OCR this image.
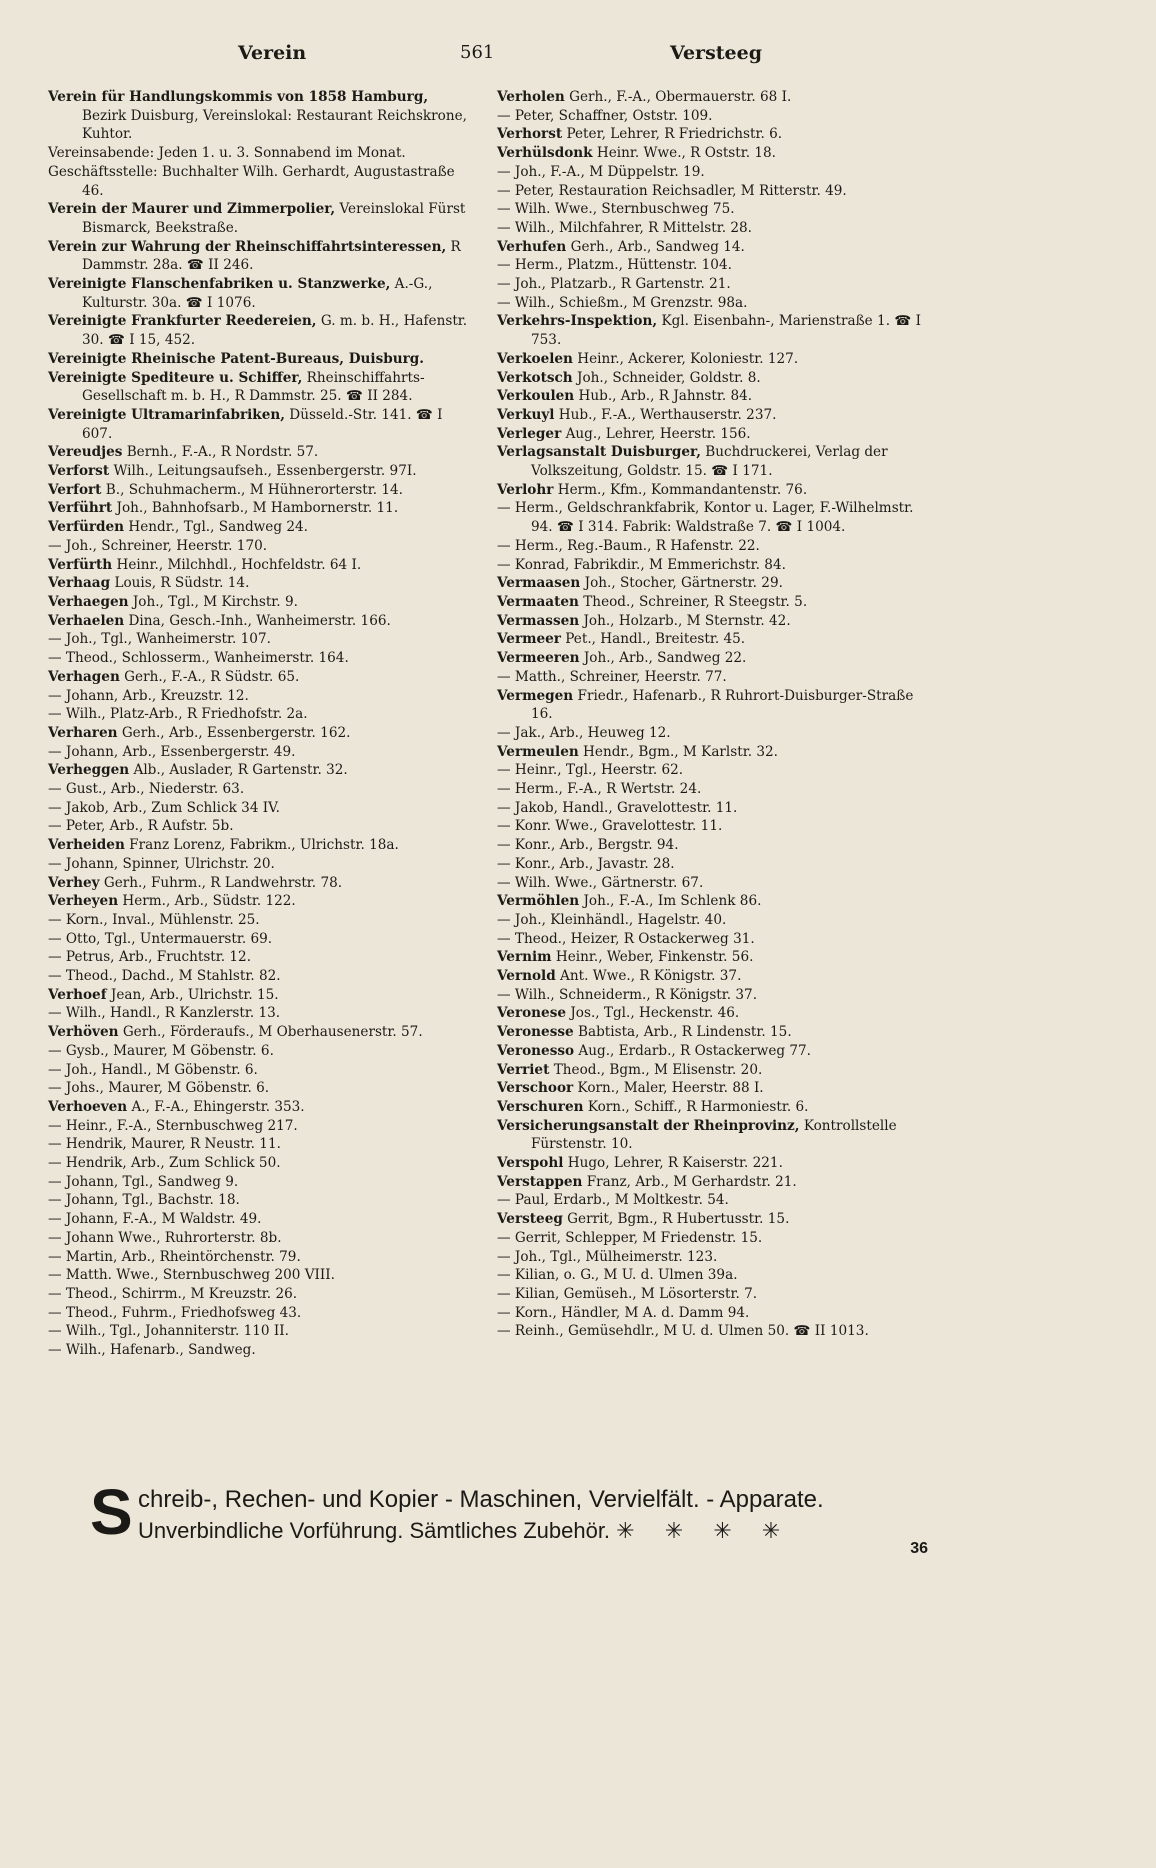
Verein	561	Versteeg

Verein für Handlungskommis von 1858 Hamburg, Bezirk Duisburg, Vereinslokal: Restaurant Reichskrone, Kuhtor.

Vereinsabende: Jeden 1. u. 3. Sonnabend im Monat.

Geschäftsstelle: Buchhalter Wilh. Gerhardt, Augustastraße 46.

Verein der Maurer und Zimmerpolier, Vereinslokal Fürst Bismarck, Beekstraße.

Verein zur Wahrung der Rheinschiffahrtsinteressen, R Dammstr. 28a. ☎ II 246.

Vereinigte Flanschenfabriken u. Stanzwerke, A.-G., Kulturstr. 30a. ☎ I 1076.

Vereinigte Frankfurter Reedereien, G. m. b. H., Hafenstr. 30. ☎ I 15, 452.

Vereinigte Rheinische Patent-Bureaus, Duisburg.

Vereinigte Spediteure u. Schiffer, Rheinschiffahrts-Gesellschaft m. b. H., R Dammstr. 25. ☎ II 284.

Vereinigte Ultramarinfabriken, Düsseld.-Str. 141. ☎ I 607.

Vereudjes Bernh., F.-A., R Nordstr. 57.

Verforst Wilh., Leitungsaufseh., Essenbergerstr. 97I.

Verfort B., Schuhmacherm., M Hühnerorterstr. 14.

Verführt Joh., Bahnhofsarb., M Hambornerstr. 11.

Verfürden Hendr., Tgl., Sandweg 24.

— Joh., Schreiner, Heerstr. 170.

Verfürth Heinr., Milchhdl., Hochfeldstr. 64 I.

Verhaag Louis, R Südstr. 14.

Verhaegen Joh., Tgl., M Kirchstr. 9.

Verhaelen Dina, Gesch.-Inh., Wanheimerstr. 166.

— Joh., Tgl., Wanheimerstr. 107.

— Theod., Schlosserm., Wanheimerstr. 164.

Verhagen Gerh., F.-A., R Südstr. 65.

— Johann, Arb., Kreuzstr. 12.

— Wilh., Platz-Arb., R Friedhofstr. 2a.

Verharen Gerh., Arb., Essenbergerstr. 162.

— Johann, Arb., Essenbergerstr. 49.

Verheggen Alb., Auslader, R Gartenstr. 32.

— Gust., Arb., Niederstr. 63.

— Jakob, Arb., Zum Schlick 34 IV.

— Peter, Arb., R Aufstr. 5b.

Verheiden Franz Lorenz, Fabrikm., Ulrichstr. 18a.

— Johann, Spinner, Ulrichstr. 20.

Verhey Gerh., Fuhrm., R Landwehrstr. 78.

Verheyen Herm., Arb., Südstr. 122.

— Korn., Inval., Mühlenstr. 25.

— Otto, Tgl., Untermauerstr. 69.

— Petrus, Arb., Fruchtstr. 12.

— Theod., Dachd., M Stahlstr. 82.

Verhoef Jean, Arb., Ulrichstr. 15.

— Wilh., Handl., R Kanzlerstr. 13.

Verhöven Gerh., Förderaufs., M Oberhausenerstr. 57.

— Gysb., Maurer, M Göbenstr. 6.

— Joh., Handl., M Göbenstr. 6.

— Johs., Maurer, M Göbenstr. 6.

Verhoeven A., F.-A., Ehingerstr. 353.

— Heinr., F.-A., Sternbuschweg 217.

— Hendrik, Maurer, R Neustr. 11.

— Hendrik, Arb., Zum Schlick 50.

— Johann, Tgl., Sandweg 9.

— Johann, Tgl., Bachstr. 18.

— Johann, F.-A., M Waldstr. 49.

— Johann Wwe., Ruhrorterstr. 8b.

— Martin, Arb., Rheintörchenstr. 79.

— Matth. Wwe., Sternbuschweg 200 VIII.

— Theod., Schirrm., M Kreuzstr. 26.

— Theod., Fuhrm., Friedhofsweg 43.

— Wilh., Tgl., Johanniterstr. 110 II.

— Wilh., Hafenarb., Sandweg.

Verholen Gerh., F.-A., Obermauerstr. 68 I.

— Peter, Schaffner, Oststr. 109.

Verhorst Peter, Lehrer, R Friedrichstr. 6.

Verhülsdonk Heinr. Wwe., R Oststr. 18.

— Joh., F.-A., M Düppelstr. 19.

— Peter, Restauration Reichsadler, M Ritterstr. 49.

— Wilh. Wwe., Sternbuschweg 75.

— Wilh., Milchfahrer, R Mittelstr. 28.

Verhufen Gerh., Arb., Sandweg 14.

— Herm., Platzm., Hüttenstr. 104.

— Joh., Platzarb., R Gartenstr. 21.

— Wilh., Schießm., M Grenzstr. 98a.

Verkehrs-Inspektion, Kgl. Eisenbahn-, Marienstraße 1. ☎ I 753.

Verkoelen Heinr., Ackerer, Koloniestr. 127.

Verkotsch Joh., Schneider, Goldstr. 8.

Verkoulen Hub., Arb., R Jahnstr. 84.

Verkuyl Hub., F.-A., Werthauserstr. 237.

Verleger Aug., Lehrer, Heerstr. 156.

Verlagsanstalt Duisburger, Buchdruckerei, Verlag der Volkszeitung, Goldstr. 15. ☎ I 171.

Verlohr Herm., Kfm., Kommandantenstr. 76.

— Herm., Geldschrankfabrik, Kontor u. Lager, F.-Wilhelmstr. 94. ☎ I 314. Fabrik: Waldstraße 7. ☎ I 1004.

— Herm., Reg.-Baum., R Hafenstr. 22.

— Konrad, Fabrikdir., M Emmerichstr. 84.

Vermaasen Joh., Stocher, Gärtnerstr. 29.

Vermaaten Theod., Schreiner, R Steegstr. 5.

Vermassen Joh., Holzarb., M Sternstr. 42.

Vermeer Pet., Handl., Breitestr. 45.

Vermeeren Joh., Arb., Sandweg 22.

— Matth., Schreiner, Heerstr. 77.

Vermegen Friedr., Hafenarb., R Ruhrort-Duisburger-Straße 16.

— Jak., Arb., Heuweg 12.

Vermeulen Hendr., Bgm., M Karlstr. 32.

— Heinr., Tgl., Heerstr. 62.

— Herm., F.-A., R Wertstr. 24.

— Jakob, Handl., Gravelottestr. 11.

— Konr. Wwe., Gravelottestr. 11.

— Konr., Arb., Bergstr. 94.

— Konr., Arb., Javastr. 28.

— Wilh. Wwe., Gärtnerstr. 67.

Vermöhlen Joh., F.-A., Im Schlenk 86.

— Joh., Kleinhändl., Hagelstr. 40.

— Theod., Heizer, R Ostackerweg 31.

Vernim Heinr., Weber, Finkenstr. 56.

Vernold Ant. Wwe., R Königstr. 37.

— Wilh., Schneiderm., R Königstr. 37.

Veronese Jos., Tgl., Heckenstr. 46.

Veronesse Babtista, Arb., R Lindenstr. 15.

Veronesso Aug., Erdarb., R Ostackerweg 77.

Verriet Theod., Bgm., M Elisenstr. 20.

Verschoor Korn., Maler, Heerstr. 88 I.

Verschuren Korn., Schiff., R Harmoniestr. 6.

Versicherungsanstalt der Rheinprovinz, Kontrollstelle Fürstenstr. 10.

Verspohl Hugo, Lehrer, R Kaiserstr. 221.

Verstappen Franz, Arb., M Gerhardstr. 21.

— Paul, Erdarb., M Moltkestr. 54.

Versteeg Gerrit, Bgm., R Hubertusstr. 15.

— Gerrit, Schlepper, M Friedenstr. 15.

— Joh., Tgl., Mülheimerstr. 123.

— Kilian, o. G., M U. d. Ulmen 39a.

— Kilian, Gemüseh., M Lösorterstr. 7.

— Korn., Händler, M A. d. Damm 94.

— Reinh., Gemüsehdlr., M U. d. Ulmen 50. ☎ II 1013.

S chreib-, Rechen- und Kopier - Maschinen, Vervielfält. - Apparate.
Unverbindliche Vorführung. Sämtliches Zubehör. ✳ ✳ ✳ ✳
36
